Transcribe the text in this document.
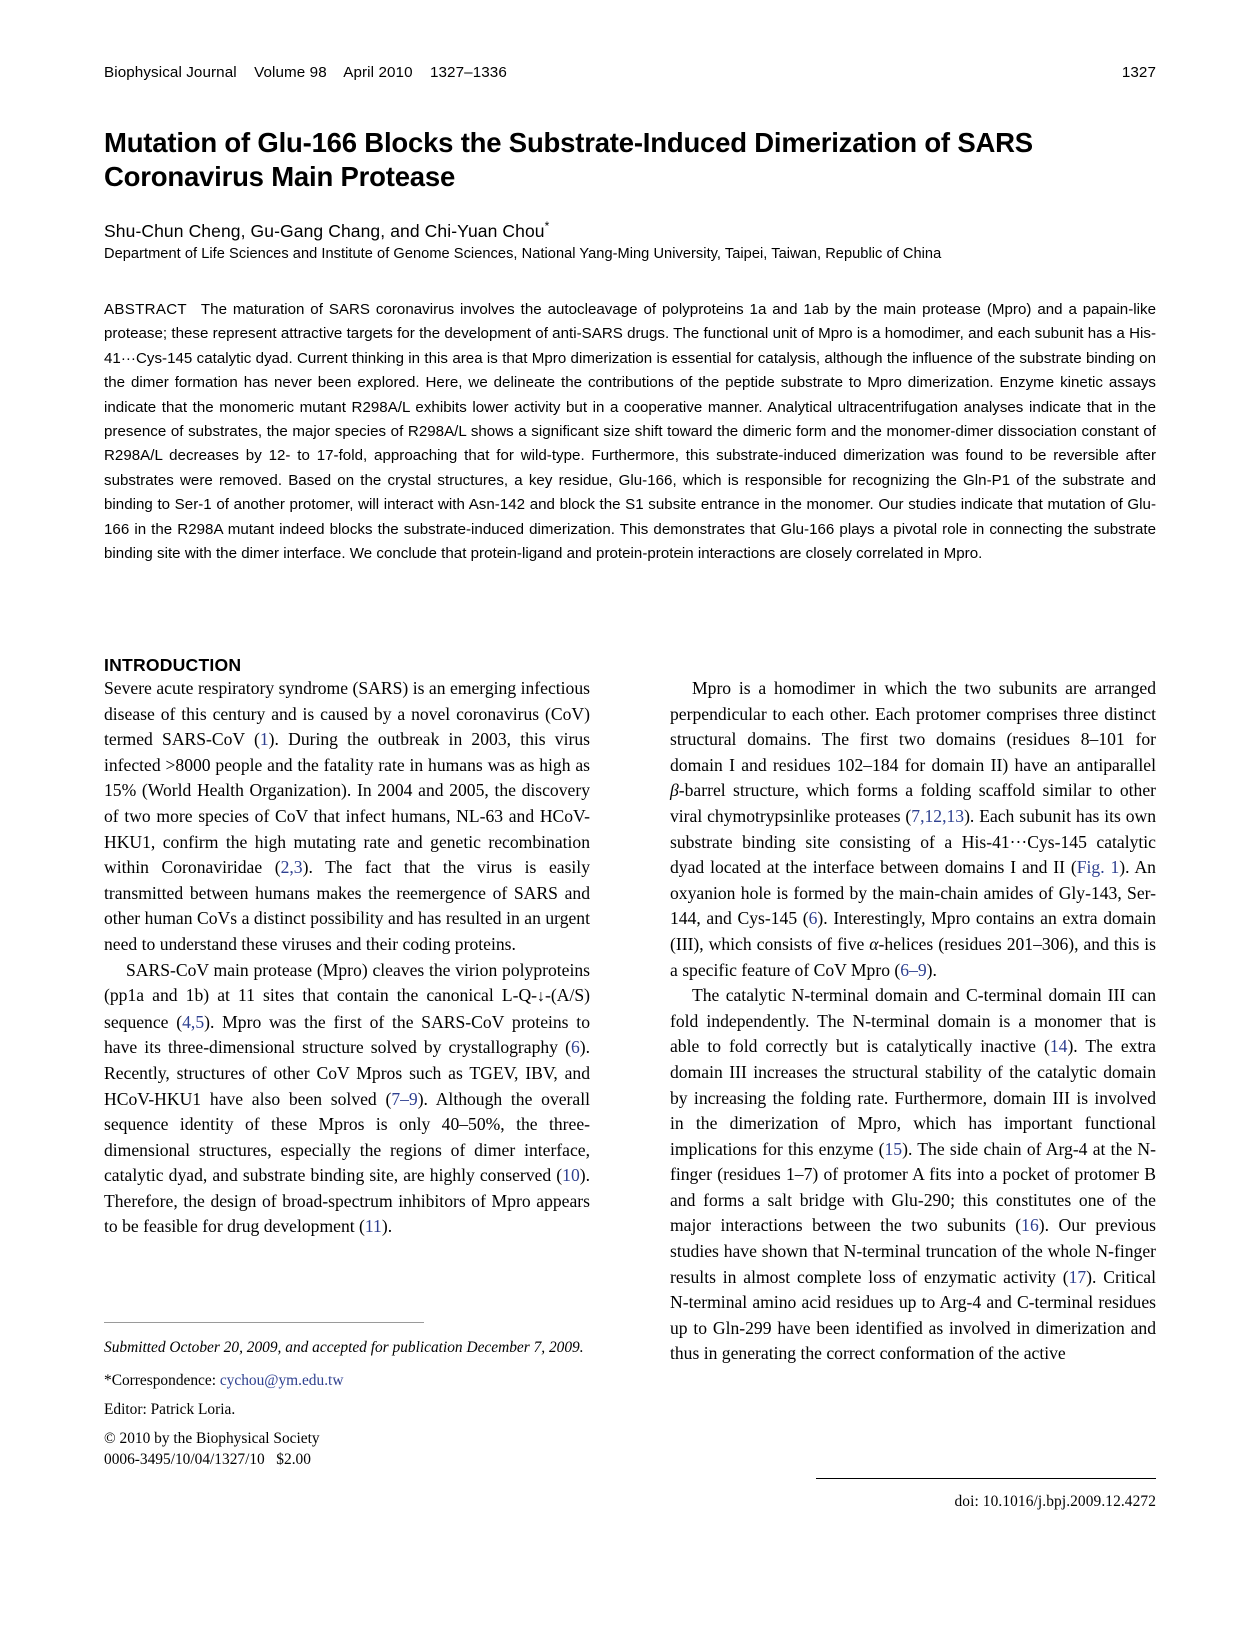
Biophysical Journal Volume 98 April 2010 1327–1336	1327
Mutation of Glu-166 Blocks the Substrate-Induced Dimerization of SARS Coronavirus Main Protease
Shu-Chun Cheng, Gu-Gang Chang, and Chi-Yuan Chou*
Department of Life Sciences and Institute of Genome Sciences, National Yang-Ming University, Taipei, Taiwan, Republic of China
ABSTRACT The maturation of SARS coronavirus involves the autocleavage of polyproteins 1a and 1ab by the main protease (Mpro) and a papain-like protease; these represent attractive targets for the development of anti-SARS drugs. The functional unit of Mpro is a homodimer, and each subunit has a His-41···Cys-145 catalytic dyad. Current thinking in this area is that Mpro dimerization is essential for catalysis, although the influence of the substrate binding on the dimer formation has never been explored. Here, we delineate the contributions of the peptide substrate to Mpro dimerization. Enzyme kinetic assays indicate that the monomeric mutant R298A/L exhibits lower activity but in a cooperative manner. Analytical ultracentrifugation analyses indicate that in the presence of substrates, the major species of R298A/L shows a significant size shift toward the dimeric form and the monomer-dimer dissociation constant of R298A/L decreases by 12- to 17-fold, approaching that for wild-type. Furthermore, this substrate-induced dimerization was found to be reversible after substrates were removed. Based on the crystal structures, a key residue, Glu-166, which is responsible for recognizing the Gln-P1 of the substrate and binding to Ser-1 of another protomer, will interact with Asn-142 and block the S1 subsite entrance in the monomer. Our studies indicate that mutation of Glu-166 in the R298A mutant indeed blocks the substrate-induced dimerization. This demonstrates that Glu-166 plays a pivotal role in connecting the substrate binding site with the dimer interface. We conclude that protein-ligand and protein-protein interactions are closely correlated in Mpro.
INTRODUCTION

Severe acute respiratory syndrome (SARS) is an emerging infectious disease of this century and is caused by a novel coronavirus (CoV) termed SARS-CoV (1). During the outbreak in 2003, this virus infected >8000 people and the fatality rate in humans was as high as 15% (World Health Organization). In 2004 and 2005, the discovery of two more species of CoV that infect humans, NL-63 and HCoV-HKU1, confirm the high mutating rate and genetic recombination within Coronaviridae (2,3). The fact that the virus is easily transmitted between humans makes the reemergence of SARS and other human CoVs a distinct possibility and has resulted in an urgent need to understand these viruses and their coding proteins.

SARS-CoV main protease (Mpro) cleaves the virion polyproteins (pp1a and 1b) at 11 sites that contain the canonical L-Q-↓-(A/S) sequence (4,5). Mpro was the first of the SARS-CoV proteins to have its three-dimensional structure solved by crystallography (6). Recently, structures of other CoV Mpros such as TGEV, IBV, and HCoV-HKU1 have also been solved (7–9). Although the overall sequence identity of these Mpros is only 40–50%, the three-dimensional structures, especially the regions of dimer interface, catalytic dyad, and substrate binding site, are highly conserved (10). Therefore, the design of broad-spectrum inhibitors of Mpro appears to be feasible for drug development (11).

Mpro is a homodimer in which the two subunits are arranged perpendicular to each other. Each protomer comprises three distinct structural domains. The first two domains (residues 8–101 for domain I and residues 102–184 for domain II) have an antiparallel β-barrel structure, which forms a folding scaffold similar to other viral chymotrypsinlike proteases (7,12,13). Each subunit has its own substrate binding site consisting of a His-41···Cys-145 catalytic dyad located at the interface between domains I and II (Fig. 1). An oxyanion hole is formed by the main-chain amides of Gly-143, Ser-144, and Cys-145 (6). Interestingly, Mpro contains an extra domain (III), which consists of five α-helices (residues 201–306), and this is a specific feature of CoV Mpro (6–9).

The catalytic N-terminal domain and C-terminal domain III can fold independently. The N-terminal domain is a monomer that is able to fold correctly but is catalytically inactive (14). The extra domain III increases the structural stability of the catalytic domain by increasing the folding rate. Furthermore, domain III is involved in the dimerization of Mpro, which has important functional implications for this enzyme (15). The side chain of Arg-4 at the N-finger (residues 1–7) of protomer A fits into a pocket of protomer B and forms a salt bridge with Glu-290; this constitutes one of the major interactions between the two subunits (16). Our previous studies have shown that N-terminal truncation of the whole N-finger results in almost complete loss of enzymatic activity (17). Critical N-terminal amino acid residues up to Arg-4 and C-terminal residues up to Gln-299 have been identified as involved in dimerization and thus in generating the correct conformation of the active

Submitted October 20, 2009, and accepted for publication December 7, 2009.

*Correspondence: cychou@ym.edu.tw

Editor: Patrick Loria.

© 2010 by the Biophysical Society

0006-3495/10/04/1327/10 $2.00

doi: 10.1016/j.bpj.2009.12.4272
